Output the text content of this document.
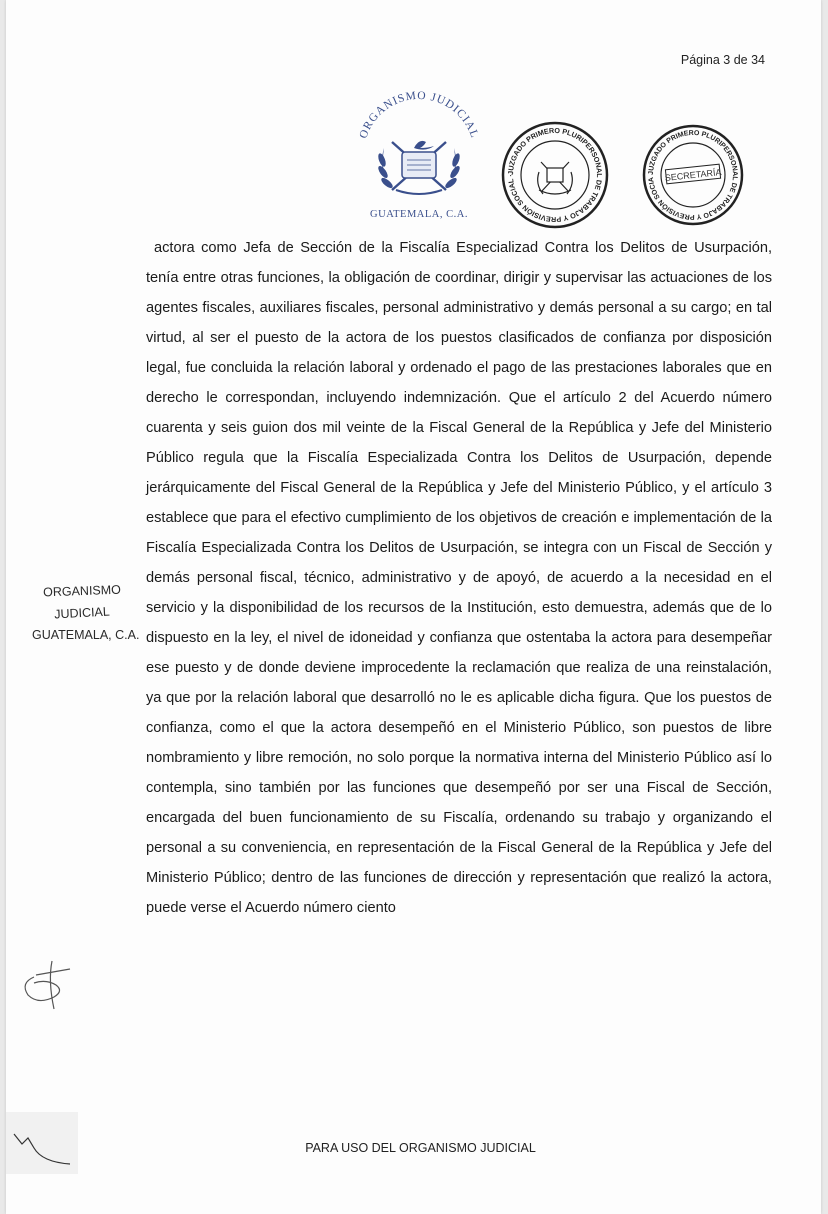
Página 3 de 34
ORGANISMO JUDICIAL
GUATEMALA, C.A.
JUZGADO PRIMERO PLURIPERSONAL DE TRABAJO Y PREVISIÓN SOCIAL ·
JUZGADO PRIMERO PLURIPERSONAL DE TRABAJO Y PREVISIÓN SOCIA SECRETARÍA

actora como Jefa de Sección de la Fiscalía Especializad Contra los Delitos de Usurpación, tenía entre otras funciones, la obligación de coordinar, dirigir y supervisar las actuaciones de los agentes fiscales, auxiliares fiscales, personal administrativo y demás personal a su cargo; en tal virtud, al ser el puesto de la actora de los puestos clasificados de confianza por disposición legal, fue concluida la relación laboral y ordenado el pago de las prestaciones laborales que en derecho le correspondan, incluyendo indemnización. Que el artículo 2 del Acuerdo número cuarenta y seis guion dos mil veinte de la Fiscal General de la República y Jefe del Ministerio Público regula que la Fiscalía Especializada Contra los Delitos de Usurpación, depende jerárquicamente del Fiscal General de la República y Jefe del Ministerio Público, y el artículo 3 establece que para el efectivo cumplimiento de los objetivos de creación e implementación de la Fiscalía Especializada Contra los Delitos de Usurpación, se integra con un Fiscal de Sección y demás personal fiscal, técnico, administrativo y de apoyó, de acuerdo a la necesidad en el servicio y la disponibilidad de los recursos de la Institución, esto demuestra, además que de lo dispuesto en la ley, el nivel de idoneidad y confianza que ostentaba la actora para desempeñar ese puesto y de donde deviene improcedente la reclamación que realiza de una reinstalación, ya que por la relación laboral que desarrolló no le es aplicable dicha figura. Que los puestos de confianza, como el que la actora desempeñó en el Ministerio Público, son puestos de libre nombramiento y libre remoción, no solo porque la normativa interna del Ministerio Público así lo contempla, sino también por las funciones que desempeñó por ser una Fiscal de Sección, encargada del buen funcionamiento de su Fiscalía, ordenando su trabajo y organizando el personal a su conveniencia, en representación de la Fiscal General de la República y Jefe del Ministerio Público; dentro de las funciones de dirección y representación que realizó la actora, puede verse el Acuerdo número ciento

ORGANISMO
JUDICIAL
GUATEMALA, C.A.
PARA USO DEL ORGANISMO JUDICIAL
